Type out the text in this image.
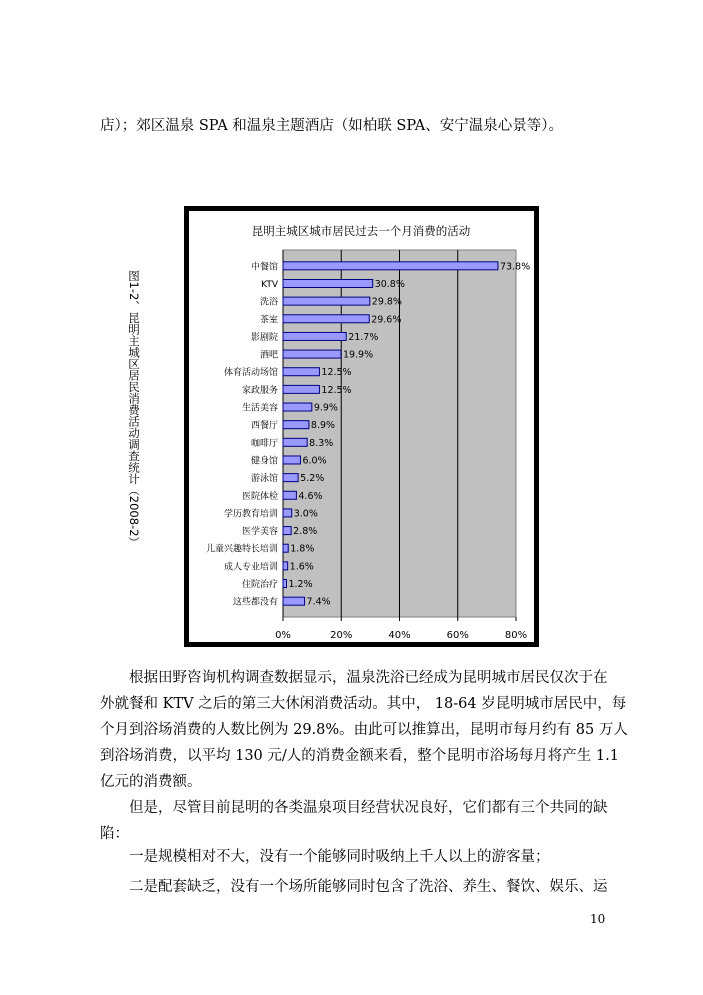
店）；郊区温泉 SPA 和温泉主题酒店（如柏联 SPA、安宁温泉心景等）。

图1-2、昆明主城区居民消费活动调查统计（2008-2）
昆明主城区城市居民过去一个月消费的活动
0%	20%	40%	60%	80%
中餐馆	73.8%
KTV	30.8%
洗浴	29.8%
茶室	29.6%
影剧院	21.7%
酒吧	19.9%
体育活动场馆	12.5%
家政服务	12.5%
生活美容	9.9%
西餐厅	8.9%
咖啡厅	8.3%
健身馆	6.0%
游泳馆 5.2%
医院体检 4.6%
学历教育培训 3.0%
医学美容 2.8%
儿童兴趣特长培训 1.8%
成人专业培训 1.6%
住院治疗 1.2%
这些都没有	7.4%
根据田野咨询机构调查数据显示，温泉洗浴已经成为昆明城市居民仅次于在
外就餐和 KTV 之后的第三大休闲消费活动。其中， 18-64 岁昆明城市居民中，每
个月到浴场消费的人数比例为 29.8%。由此可以推算出，昆明市每月约有 85 万人
到浴场消费，以平均 130 元/人的消费金额来看，整个昆明市浴场每月将产生 1.1
亿元的消费额。
但是，尽管目前昆明的各类温泉项目经营状况良好，它们都有三个共同的缺
陷：
一是规模相对不大，没有一个能够同时吸纳上千人以上的游客量；
二是配套缺乏，没有一个场所能够同时包含了洗浴、养生、餐饮、娱乐、运
10
